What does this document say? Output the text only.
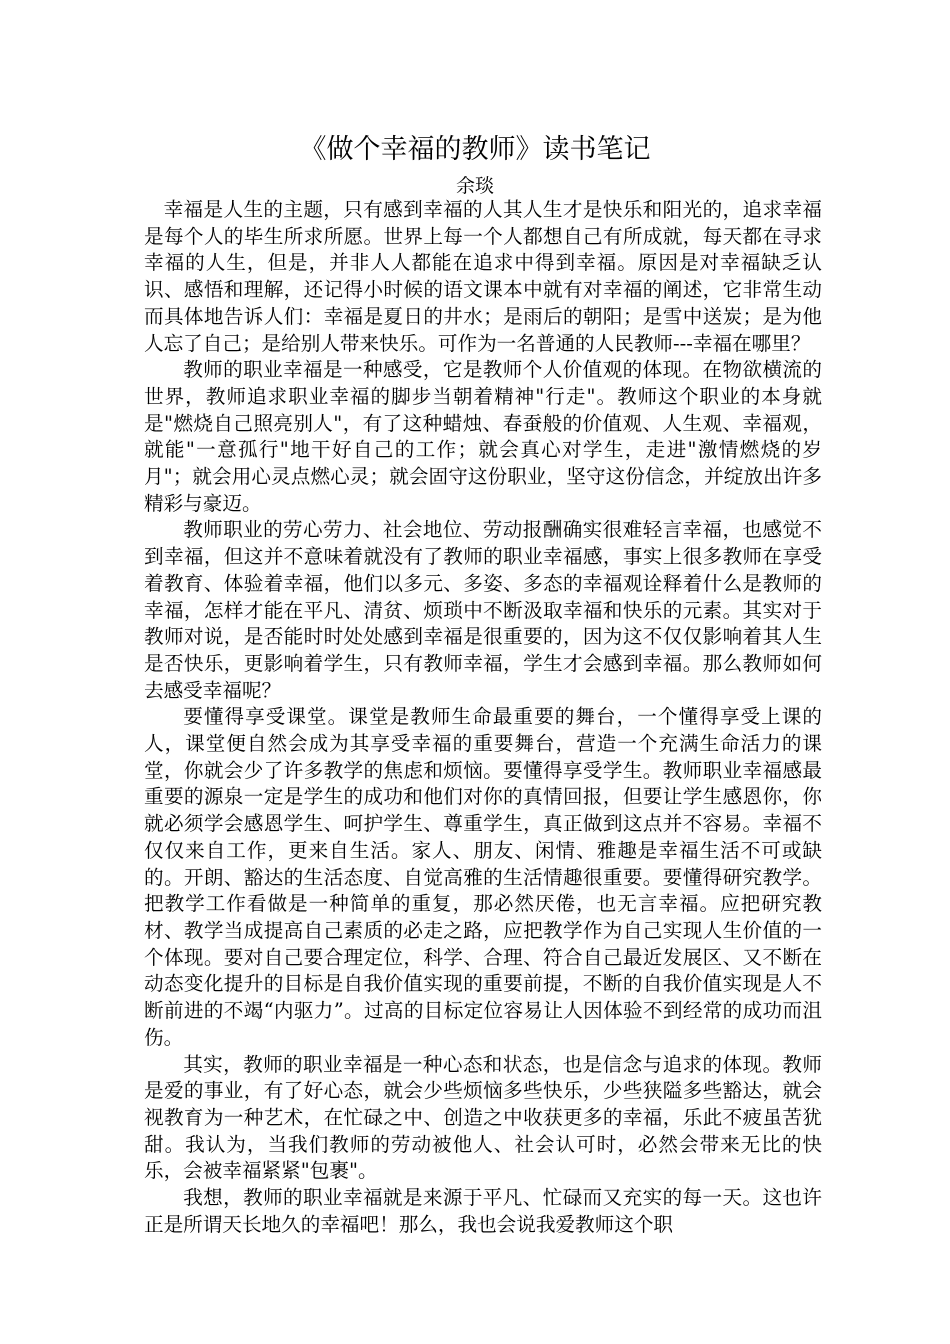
《做个幸福的教师》读书笔记
余琰

幸福是人生的主题，只有感到幸福的人其人生才是快乐和阳光的，追求幸福是每个人的毕生所求所愿。世界上每一个人都想自己有所成就，每天都在寻求幸福的人生，但是，并非人人都能在追求中得到幸福。原因是对幸福缺乏认识、感悟和理解，还记得小时候的语文课本中就有对幸福的阐述，它非常生动而具体地告诉人们：幸福是夏日的井水；是雨后的朝阳；是雪中送炭；是为他人忘了自己；是给别人带来快乐。可作为一名普通的人民教师---幸福在哪里？

教师的职业幸福是一种感受，它是教师个人价值观的体现。在物欲横流的世界，教师追求职业幸福的脚步当朝着精神"行走"。教师这个职业的本身就是"燃烧自己照亮别人"，有了这种蜡烛、春蚕般的价值观、人生观、幸福观，就能"一意孤行"地干好自己的工作；就会真心对学生，走进"激情燃烧的岁月"；就会用心灵点燃心灵；就会固守这份职业，坚守这份信念，并绽放出许多精彩与豪迈。

教师职业的劳心劳力、社会地位、劳动报酬确实很难轻言幸福，也感觉不到幸福，但这并不意味着就没有了教师的职业幸福感，事实上很多教师在享受着教育、体验着幸福，他们以多元、多姿、多态的幸福观诠释着什么是教师的幸福，怎样才能在平凡、清贫、烦琐中不断汲取幸福和快乐的元素。其实对于教师对说，是否能时时处处感到幸福是很重要的，因为这不仅仅影响着其人生是否快乐，更影响着学生，只有教师幸福，学生才会感到幸福。那么教师如何去感受幸福呢？

要懂得享受课堂。课堂是教师生命最重要的舞台，一个懂得享受上课的人，课堂便自然会成为其享受幸福的重要舞台，营造一个充满生命活力的课堂，你就会少了许多教学的焦虑和烦恼。要懂得享受学生。教师职业幸福感最重要的源泉一定是学生的成功和他们对你的真情回报，但要让学生感恩你，你就必须学会感恩学生、呵护学生、尊重学生，真正做到这点并不容易。幸福不仅仅来自工作，更来自生活。家人、朋友、闲情、雅趣是幸福生活不可或缺的。开朗、豁达的生活态度、自觉高雅的生活情趣很重要。要懂得研究教学。把教学工作看做是一种简单的重复，那必然厌倦，也无言幸福。应把研究教材、教学当成提高自己素质的必走之路，应把教学作为自己实现人生价值的一个体现。要对自己要合理定位，科学、合理、符合自己最近发展区、又不断在动态变化提升的目标是自我价值实现的重要前提，不断的自我价值实现是人不断前进的不竭“内驱力”。过高的目标定位容易让人因体验不到经常的成功而沮伤。

其实，教师的职业幸福是一种心态和状态，也是信念与追求的体现。教师是爱的事业，有了好心态，就会少些烦恼多些快乐，少些狭隘多些豁达，就会视教育为一种艺术，在忙碌之中、创造之中收获更多的幸福，乐此不疲虽苦犹甜。我认为，当我们教师的劳动被他人、社会认可时，必然会带来无比的快乐，会被幸福紧紧"包裹"。

我想，教师的职业幸福就是来源于平凡、忙碌而又充实的每一天。这也许正是所谓天长地久的幸福吧！那么，我也会说我爱教师这个职
